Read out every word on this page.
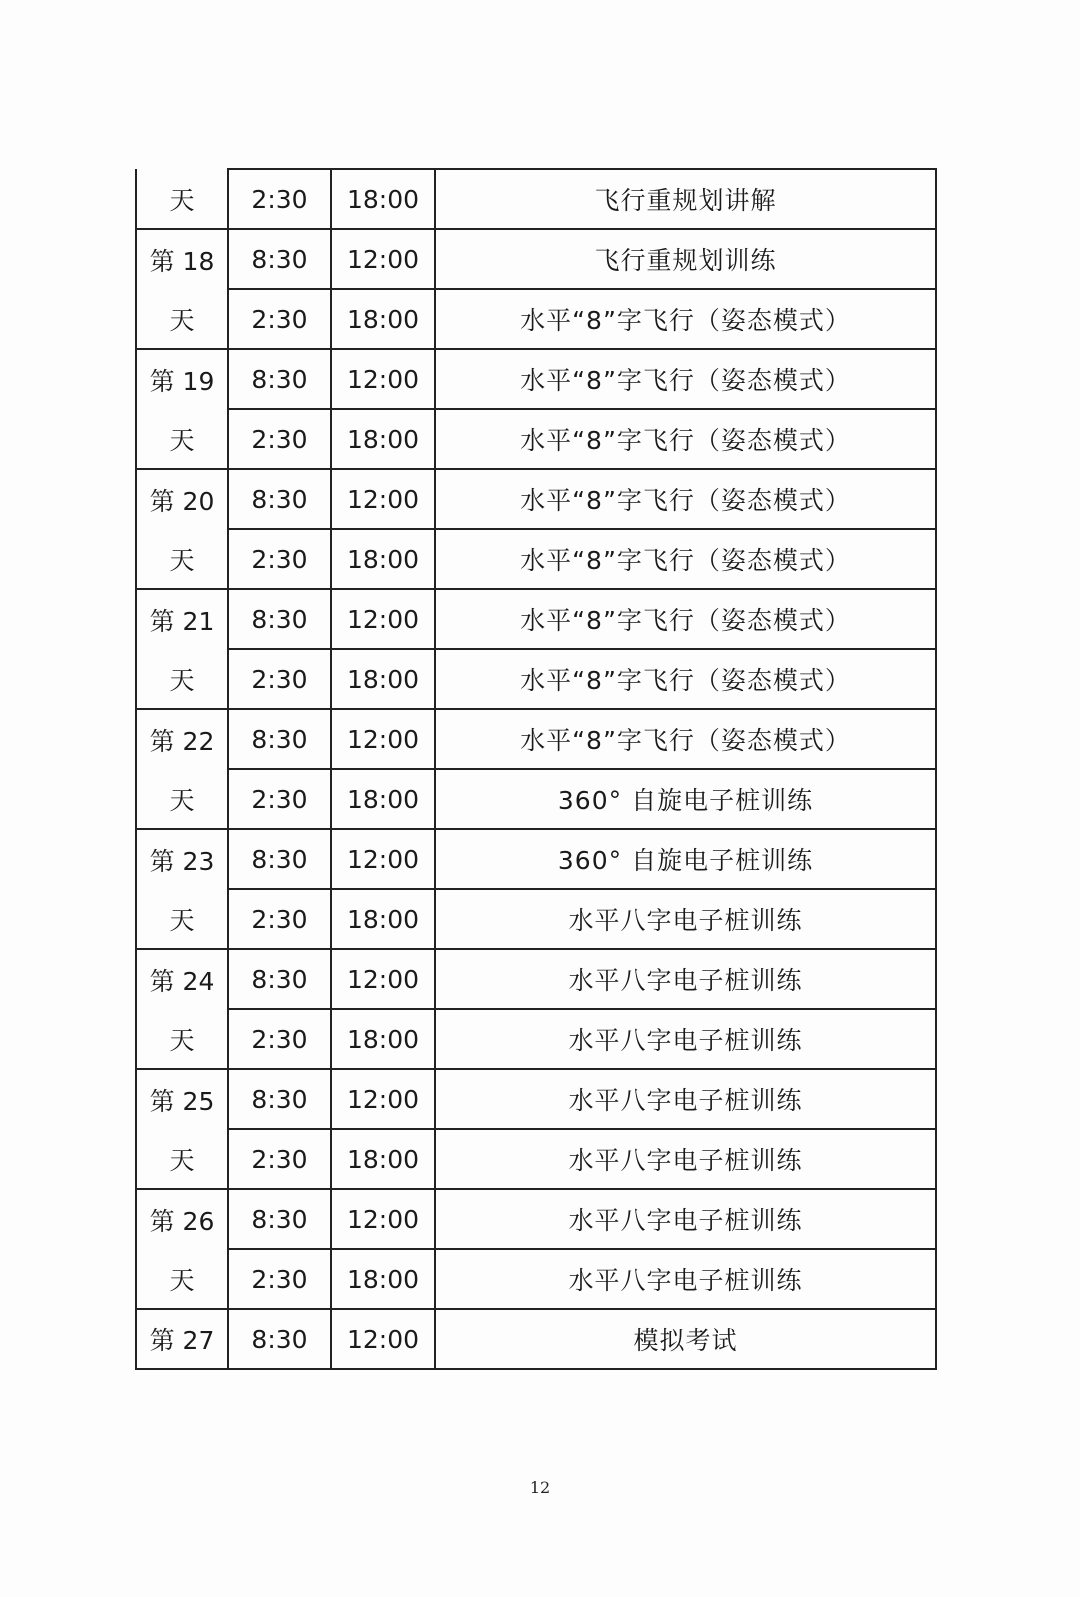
天	2:30	18:00	飞行重规划讲解
第 18	8:30	12:00	飞行重规划训练
天	2:30	18:00	水平“8”字飞行（姿态模式）
第 19	8:30	12:00	水平“8”字飞行（姿态模式）
天	2:30	18:00	水平“8”字飞行（姿态模式）
第 20	8:30	12:00	水平“8”字飞行（姿态模式）
天	2:30	18:00	水平“8”字飞行（姿态模式）
第 21	8:30	12:00	水平“8”字飞行（姿态模式）
天	2:30	18:00	水平“8”字飞行（姿态模式）
第 22	8:30	12:00	水平“8”字飞行（姿态模式）
天	2:30	18:00	360° 自旋电子桩训练
第 23	8:30	12:00	360° 自旋电子桩训练
天	2:30	18:00	水平八字电子桩训练
第 24	8:30	12:00	水平八字电子桩训练
天	2:30	18:00	水平八字电子桩训练
第 25	8:30	12:00	水平八字电子桩训练
天	2:30	18:00	水平八字电子桩训练
第 26	8:30	12:00	水平八字电子桩训练
天	2:30	18:00	水平八字电子桩训练
第 27	8:30	12:00	模拟考试
12
